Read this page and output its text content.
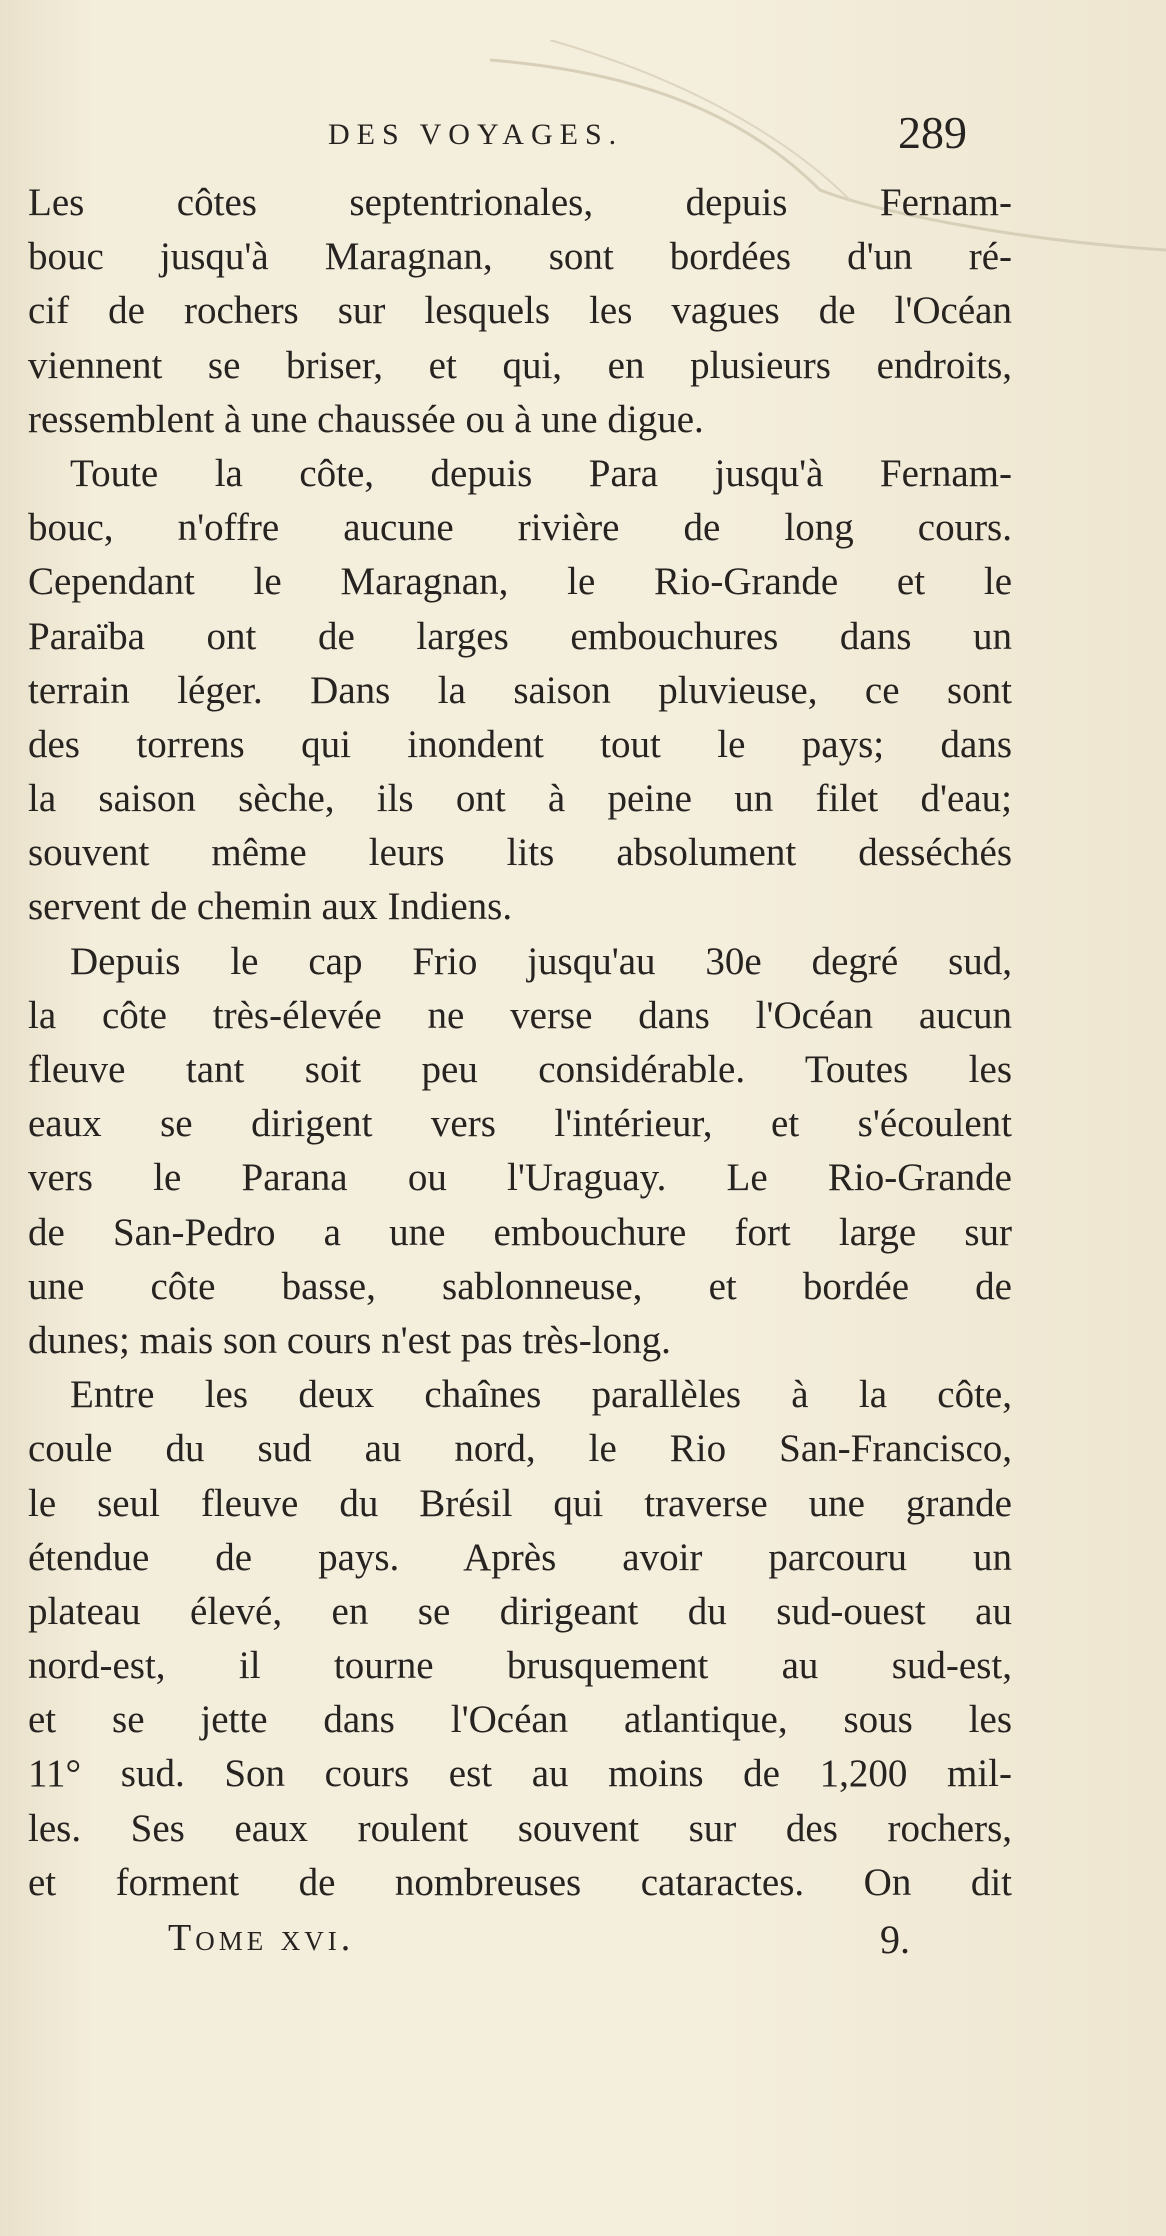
DES VOYAGES.	289
Les côtes septentrionales, depuis Fernam-
bouc jusqu'à Maragnan, sont bordées d'un ré-
cif de rochers sur lesquels les vagues de l'Océan
viennent se briser, et qui, en plusieurs endroits,
ressemblent à une chaussée ou à une digue.
Toute la côte, depuis Para jusqu'à Fernam-
bouc, n'offre aucune rivière de long cours.
Cependant le Maragnan, le Rio-Grande et le
Paraïba ont de larges embouchures dans un
terrain léger. Dans la saison pluvieuse, ce sont
des torrens qui inondent tout le pays; dans
la saison sèche, ils ont à peine un filet d'eau;
souvent même leurs lits absolument desséchés
servent de chemin aux Indiens.
Depuis le cap Frio jusqu'au 30e degré sud,
la côte très-élevée ne verse dans l'Océan aucun
fleuve tant soit peu considérable. Toutes les
eaux se dirigent vers l'intérieur, et s'écoulent
vers le Parana ou l'Uraguay. Le Rio-Grande
de San-Pedro a une embouchure fort large sur
une côte basse, sablonneuse, et bordée de
dunes; mais son cours n'est pas très-long.
Entre les deux chaînes parallèles à la côte,
coule du sud au nord, le Rio San-Francisco,
le seul fleuve du Brésil qui traverse une grande
étendue de pays. Après avoir parcouru un
plateau élevé, en se dirigeant du sud-ouest au
nord-est, il tourne brusquement au sud-est,
et se jette dans l'Océan atlantique, sous les
11° sud. Son cours est au moins de 1,200 mil-
les. Ses eaux roulent souvent sur des rochers,
et forment de nombreuses cataractes. On dit
Tome xvi.	9.
